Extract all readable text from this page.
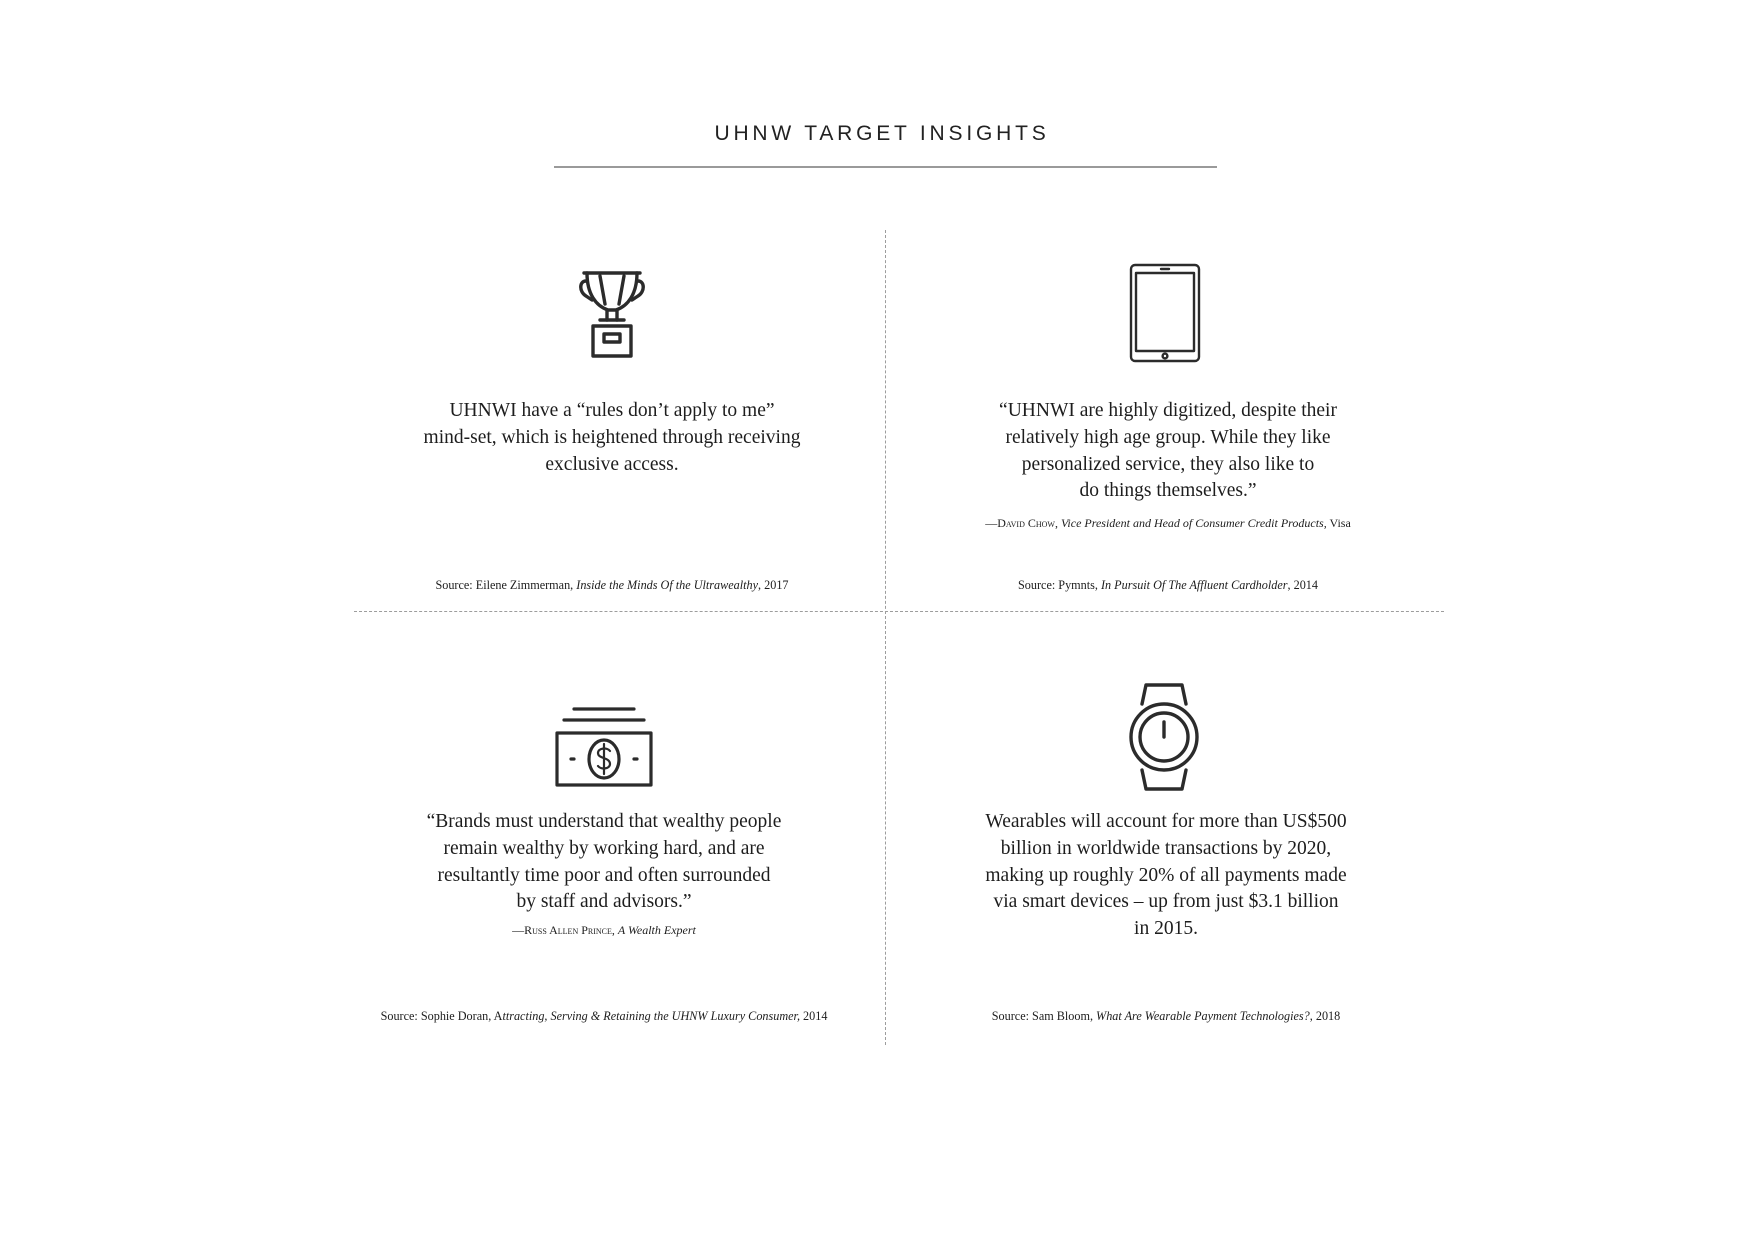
UHNW TARGET INSIGHTS
UHNWI have a “rules don’t apply to me”
mind-set, which is heightened through receiving
exclusive access.
Source: Eilene Zimmerman, Inside the Minds Of the Ultrawealthy, 2017
“UHNWI are highly digitized, despite their
relatively high age group. While they like
personalized service, they also like to
do things themselves.”
—David Chow, Vice President and Head of Consumer Credit Products, Visa
Source: Pymnts, In Pursuit Of The Affluent Cardholder, 2014
“Brands must understand that wealthy people
remain wealthy by working hard, and are
resultantly time poor and often surrounded
by staff and advisors.”
—Russ Allen Prince, A Wealth Expert
Source: Sophie Doran, Attracting, Serving & Retaining the UHNW Luxury Consumer, 2014
Wearables will account for more than US$500
billion in worldwide transactions by 2020,
making up roughly 20% of all payments made
via smart devices – up from just $3.1 billion
in 2015.
Source: Sam Bloom, What Are Wearable Payment Technologies?, 2018
